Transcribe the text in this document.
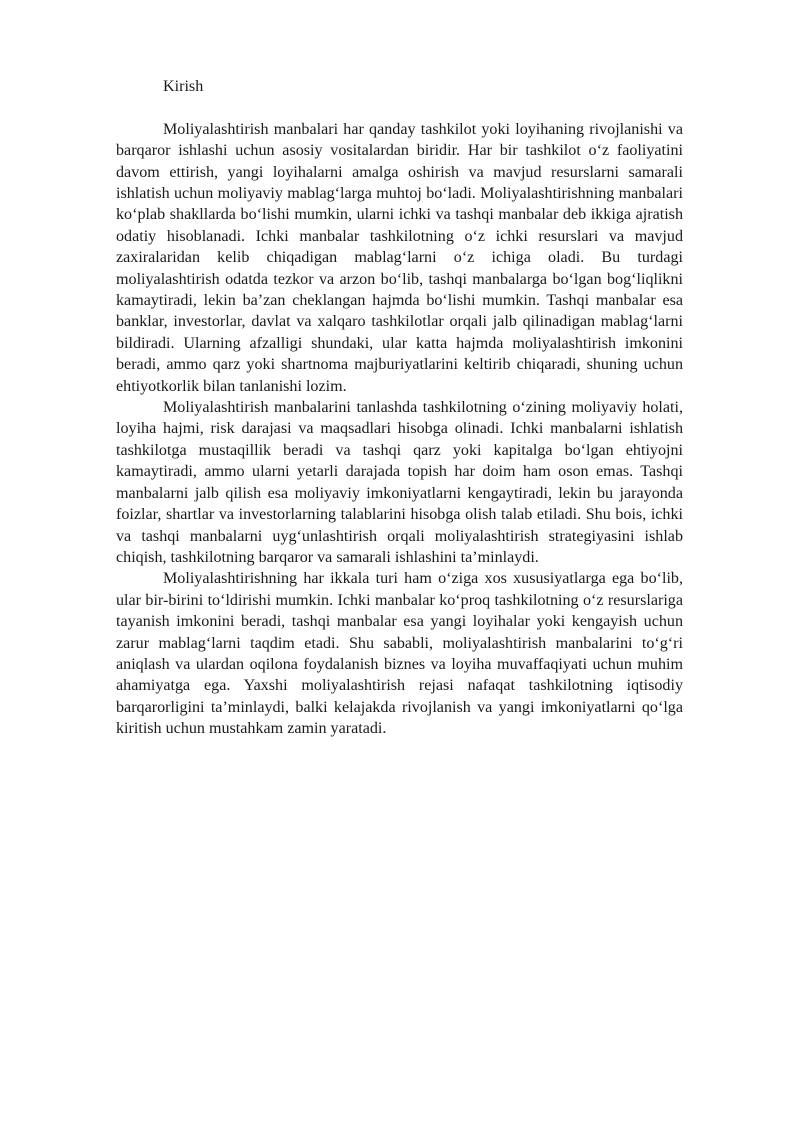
Kirish

Moliyalashtirish manbalari har qanday tashkilot yoki loyihaning rivojlanishi va barqaror ishlashi uchun asosiy vositalardan biridir. Har bir tashkilot o‘z faoliyatini davom ettirish, yangi loyihalarni amalga oshirish va mavjud resurslarni samarali ishlatish uchun moliyaviy mablag‘larga muhtoj bo‘ladi. Moliyalashtirishning manbalari ko‘plab shakllarda bo‘lishi mumkin, ularni ichki va tashqi manbalar deb ikkiga ajratish odatiy hisoblanadi. Ichki manbalar tashkilotning o‘z ichki resurslari va mavjud zaxiralaridan kelib chiqadigan mablag‘larni o‘z ichiga oladi. Bu turdagi moliyalashtirish odatda tezkor va arzon bo‘lib, tashqi manbalarga bo‘lgan bog‘liqlikni kamaytiradi, lekin ba’zan cheklangan hajmda bo‘lishi mumkin. Tashqi manbalar esa banklar, investorlar, davlat va xalqaro tashkilotlar orqali jalb qilinadigan mablag‘larni bildiradi. Ularning afzalligi shundaki, ular katta hajmda moliyalashtirish imkonini beradi, ammo qarz yoki shartnoma majburiyatlarini keltirib chiqaradi, shuning uchun ehtiyotkorlik bilan tanlanishi lozim.

Moliyalashtirish manbalarini tanlashda tashkilotning o‘zining moliyaviy holati, loyiha hajmi, risk darajasi va maqsadlari hisobga olinadi. Ichki manbalarni ishlatish tashkilotga mustaqillik beradi va tashqi qarz yoki kapitalga bo‘lgan ehtiyojni kamaytiradi, ammo ularni yetarli darajada topish har doim ham oson emas. Tashqi manbalarni jalb qilish esa moliyaviy imkoniyatlarni kengaytiradi, lekin bu jarayonda foizlar, shartlar va investorlarning talablarini hisobga olish talab etiladi. Shu bois, ichki va tashqi manbalarni uyg‘unlashtirish orqali moliyalashtirish strategiyasini ishlab chiqish, tashkilotning barqaror va samarali ishlashini ta’minlaydi.

Moliyalashtirishning har ikkala turi ham o‘ziga xos xususiyatlarga ega bo‘lib, ular bir-birini to‘ldirishi mumkin. Ichki manbalar ko‘proq tashkilotning o‘z resurslariga tayanish imkonini beradi, tashqi manbalar esa yangi loyihalar yoki kengayish uchun zarur mablag‘larni taqdim etadi. Shu sababli, moliyalashtirish manbalarini to‘g‘ri aniqlash va ulardan oqilona foydalanish biznes va loyiha muvaffaqiyati uchun muhim ahamiyatga ega. Yaxshi moliyalashtirish rejasi nafaqat tashkilotning iqtisodiy barqarorligini ta’minlaydi, balki kelajakda rivojlanish va yangi imkoniyatlarni qo‘lga kiritish uchun mustahkam zamin yaratadi.
